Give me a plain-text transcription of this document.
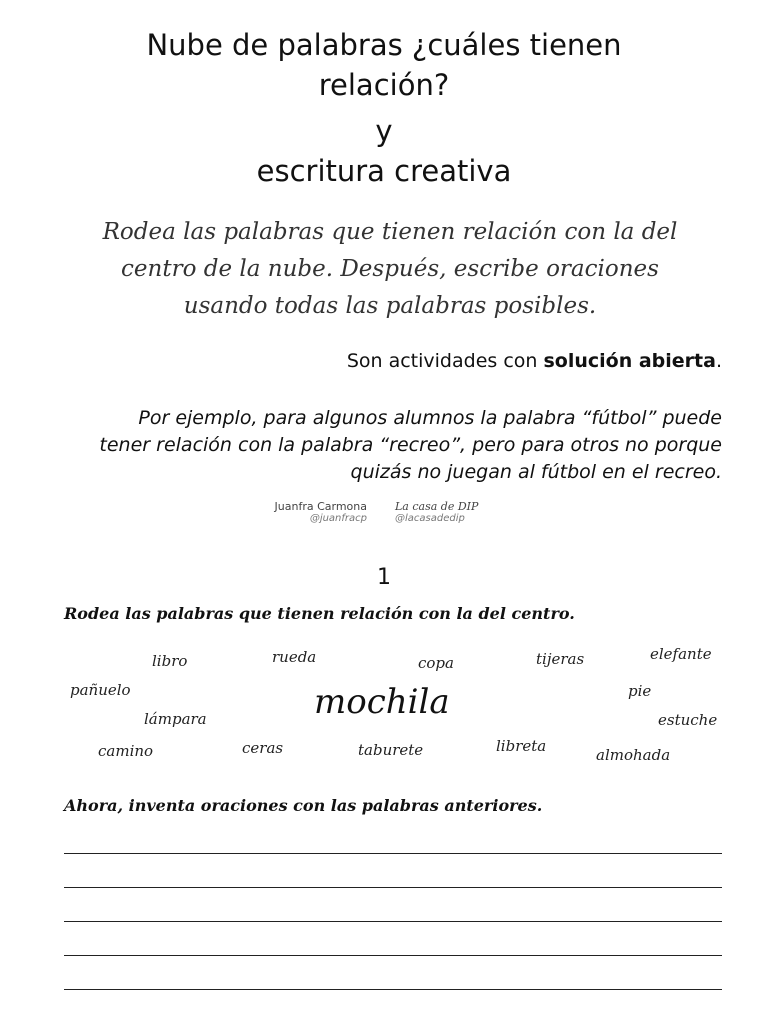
Nube de palabras ¿cuáles tienen
relación?
y
escritura creativa
Rodea las palabras que tienen relación con la del
centro de la nube. Después, escribe oraciones
usando todas las palabras posibles.
Son actividades con solución abierta.
Por ejemplo, para algunos alumnos la palabra “fútbol” puede
tener relación con la palabra “recreo”, pero para otros no porque
quizás no juegan al fútbol en el recreo.
Juanfra Carmona
@juanfracp
La casa de DIP
@lacasadedip
1
Rodea las palabras que tienen relación con la del centro.
libro	rueda	copa	tijeras	elefante
pañuelo	pie
lámpara	estuche
camino	ceras	taburete	libreta	almohada
mochila
Ahora, inventa oraciones con las palabras anteriores.
